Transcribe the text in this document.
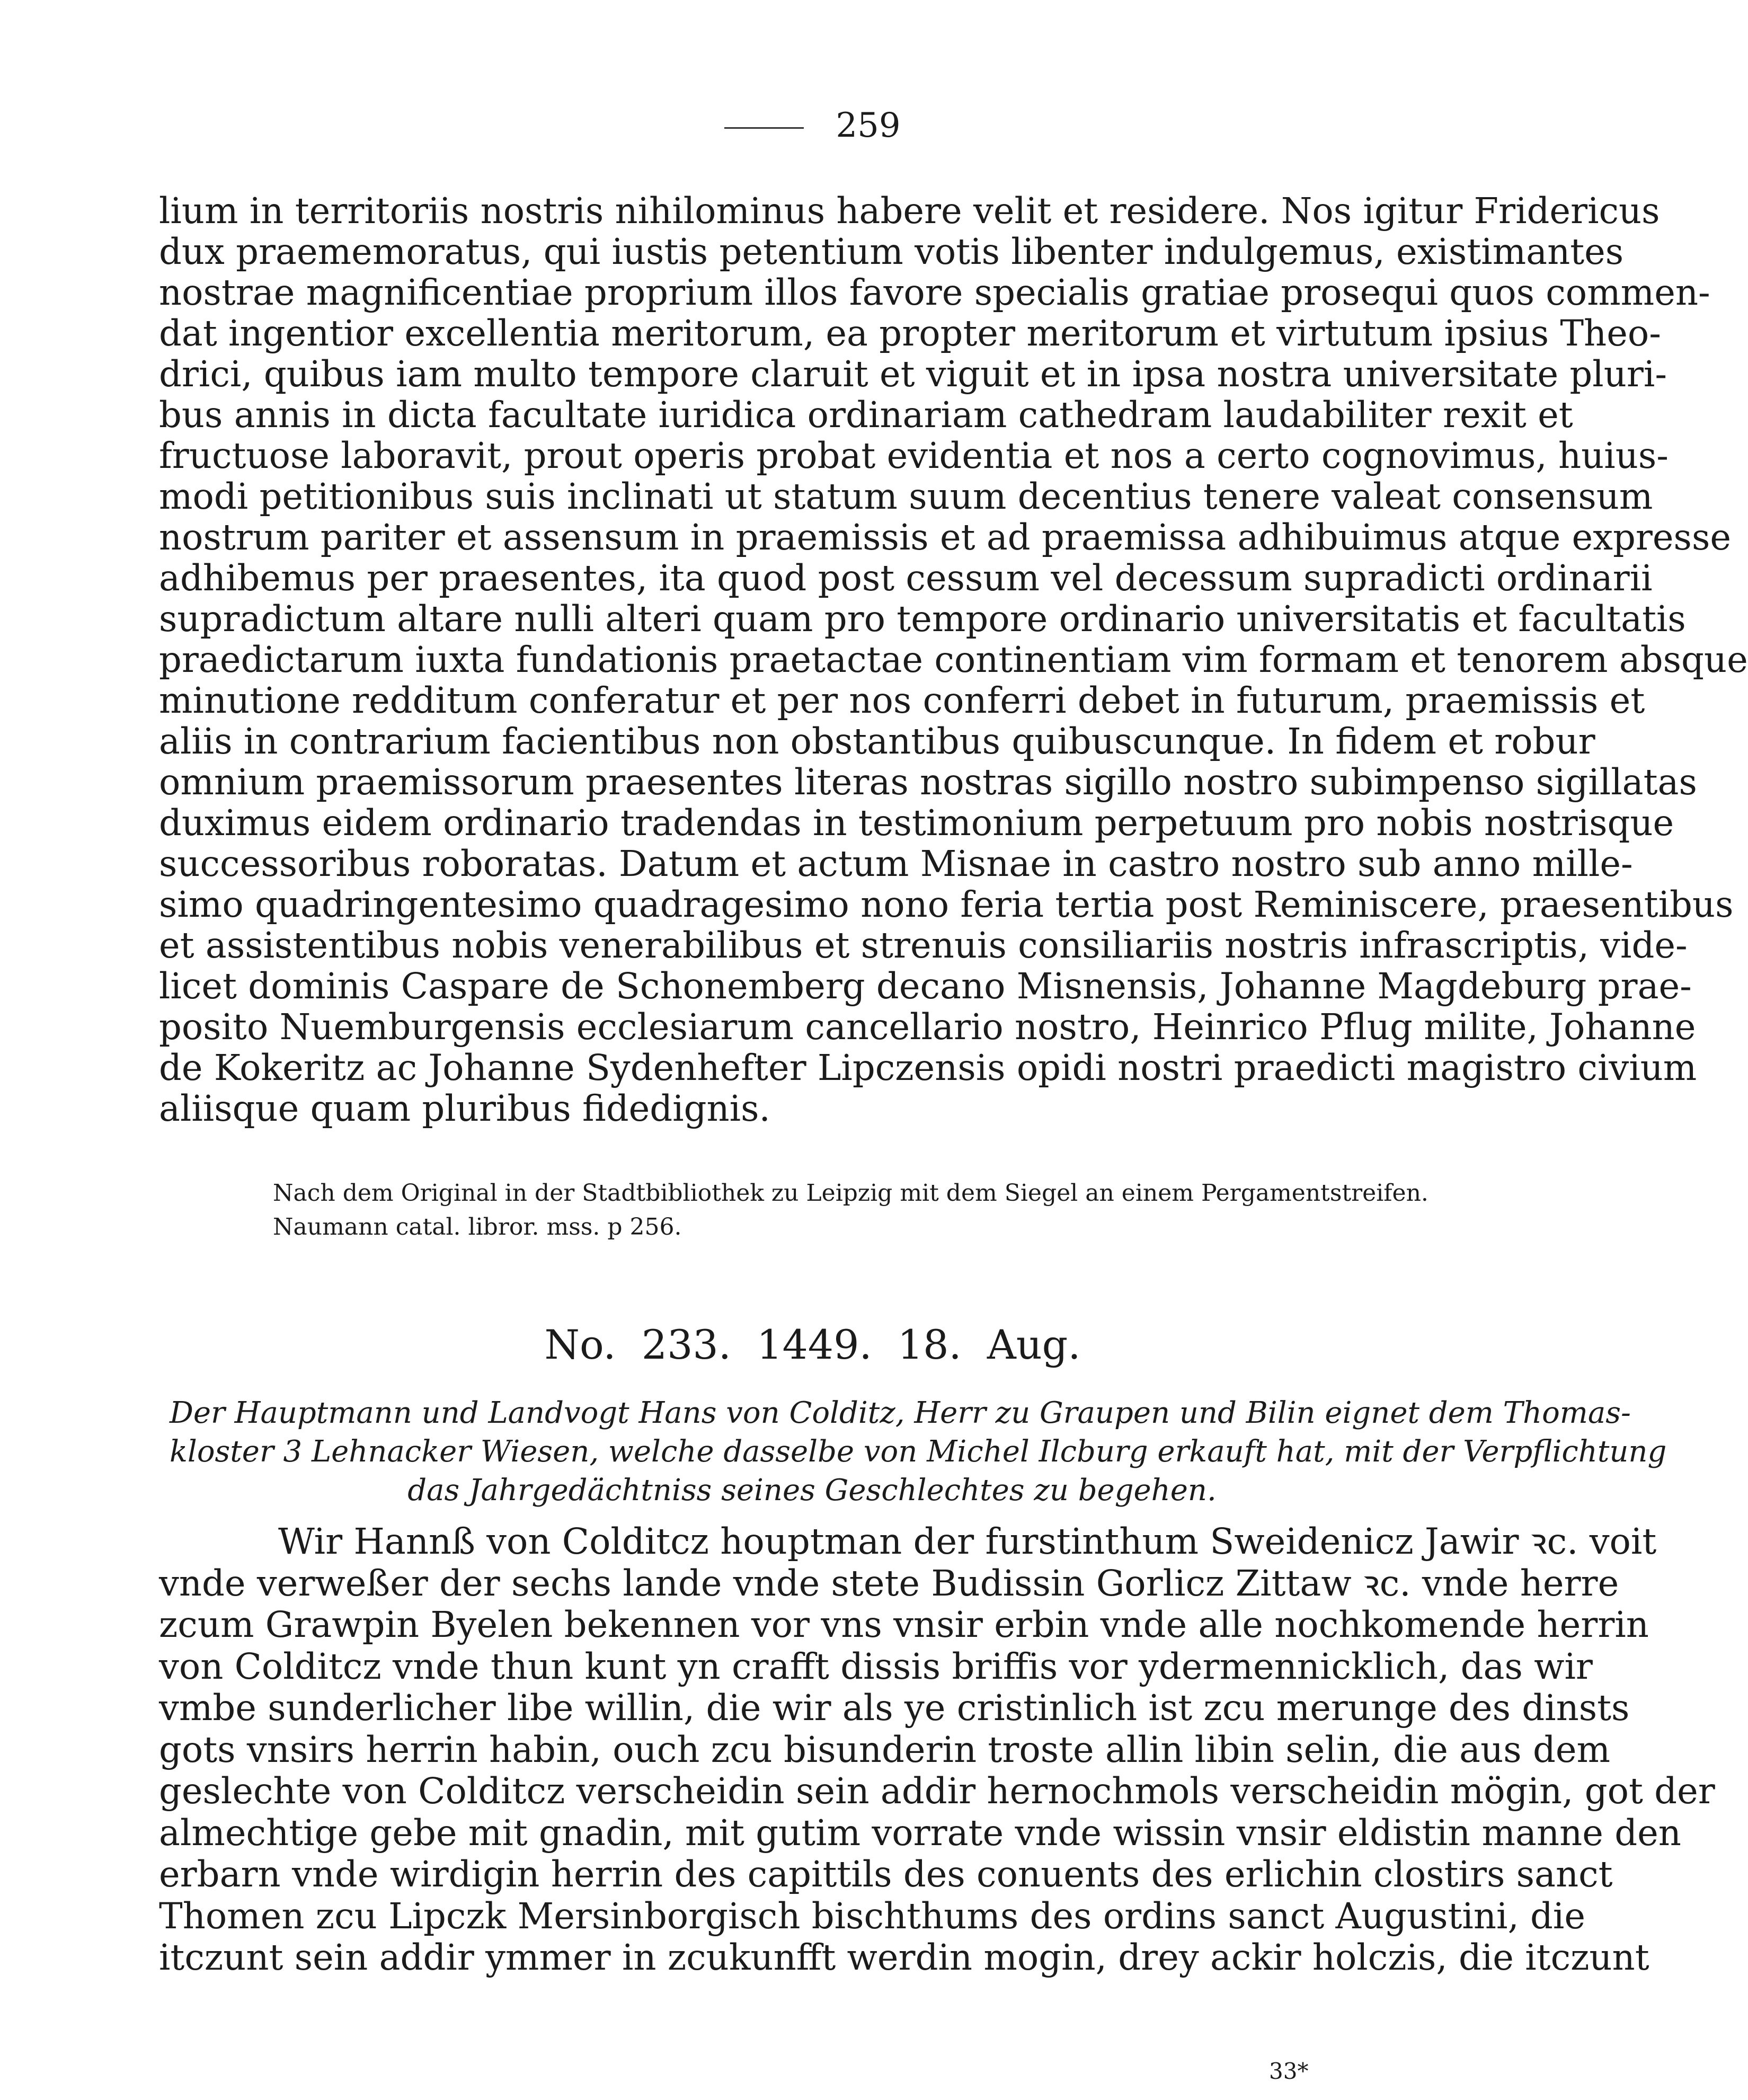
259
lium in territoriis nostris nihilominus habere velit et residere. Nos igitur Fridericus
dux praememoratus, qui iustis petentium votis libenter indulgemus, existimantes
nostrae magnificentiae proprium illos favore specialis gratiae prosequi quos commen-
dat ingentior excellentia meritorum, ea propter meritorum et virtutum ipsius Theo-
drici, quibus iam multo tempore claruit et viguit et in ipsa nostra universitate pluri-
bus annis in dicta facultate iuridica ordinariam cathedram laudabiliter rexit et
fructuose laboravit, prout operis probat evidentia et nos a certo cognovimus, huius-
modi petitionibus suis inclinati ut statum suum decentius tenere valeat consensum
nostrum pariter et assensum in praemissis et ad praemissa adhibuimus atque expresse
adhibemus per praesentes, ita quod post cessum vel decessum supradicti ordinarii
supradictum altare nulli alteri quam pro tempore ordinario universitatis et facultatis
praedictarum iuxta fundationis praetactae continentiam vim formam et tenorem absque
minutione redditum conferatur et per nos conferri debet in futurum, praemissis et
aliis in contrarium facientibus non obstantibus quibuscunque. In fidem et robur
omnium praemissorum praesentes literas nostras sigillo nostro subimpenso sigillatas
duximus eidem ordinario tradendas in testimonium perpetuum pro nobis nostrisque
successoribus roboratas. Datum et actum Misnae in castro nostro sub anno mille-
simo quadringentesimo quadragesimo nono feria tertia post Reminiscere, praesentibus
et assistentibus nobis venerabilibus et strenuis consiliariis nostris infrascriptis, vide-
licet dominis Caspare de Schonemberg decano Misnensis, Johanne Magdeburg prae-
posito Nuemburgensis ecclesiarum cancellario nostro, Heinrico Pflug milite, Johanne
de Kokeritz ac Johanne Sydenhefter Lipczensis opidi nostri praedicti magistro civium
aliisque quam pluribus fidedignis.
Nach dem Original in der Stadtbibliothek zu Leipzig mit dem Siegel an einem Pergamentstreifen.
Naumann catal. libror. mss. p 256.
No. 233. 1449. 18. Aug.
Der Hauptmann und Landvogt Hans von Colditz, Herr zu Graupen und Bilin eignet dem Thomas-
kloster 3 Lehnacker Wiesen, welche dasselbe von Michel Ilcburg erkauft hat, mit der Verpflichtung
das Jahrgedächtniss seines Geschlechtes zu begehen.
Wir Hannß von Colditcz houptman der furstinthum Sweidenicz Jawir ꝛc. voit
vnde verweßer der sechs lande vnde stete Budissin Gorlicz Zittaw ꝛc. vnde herre
zcum Grawpin Byelen bekennen vor vns vnsir erbin vnde alle nochkomende herrin
von Colditcz vnde thun kunt yn crafft dissis briffis vor ydermennicklich, das wir
vmbe sunderlicher libe willin, die wir als ye cristinlich ist zcu merunge des dinsts
gots vnsirs herrin habin, ouch zcu bisunderin troste allin libin selin, die aus dem
geslechte von Colditcz verscheidin sein addir hernochmols verscheidin mögin, got der
almechtige gebe mit gnadin, mit gutim vorrate vnde wissin vnsir eldistin manne den
erbarn vnde wirdigin herrin des capittils des conuents des erlichin clostirs sanct
Thomen zcu Lipczk Mersinborgisch bischthums des ordins sanct Augustini, die
itczunt sein addir ymmer in zcukunfft werdin mogin, drey ackir holczis, die itczunt
33*
